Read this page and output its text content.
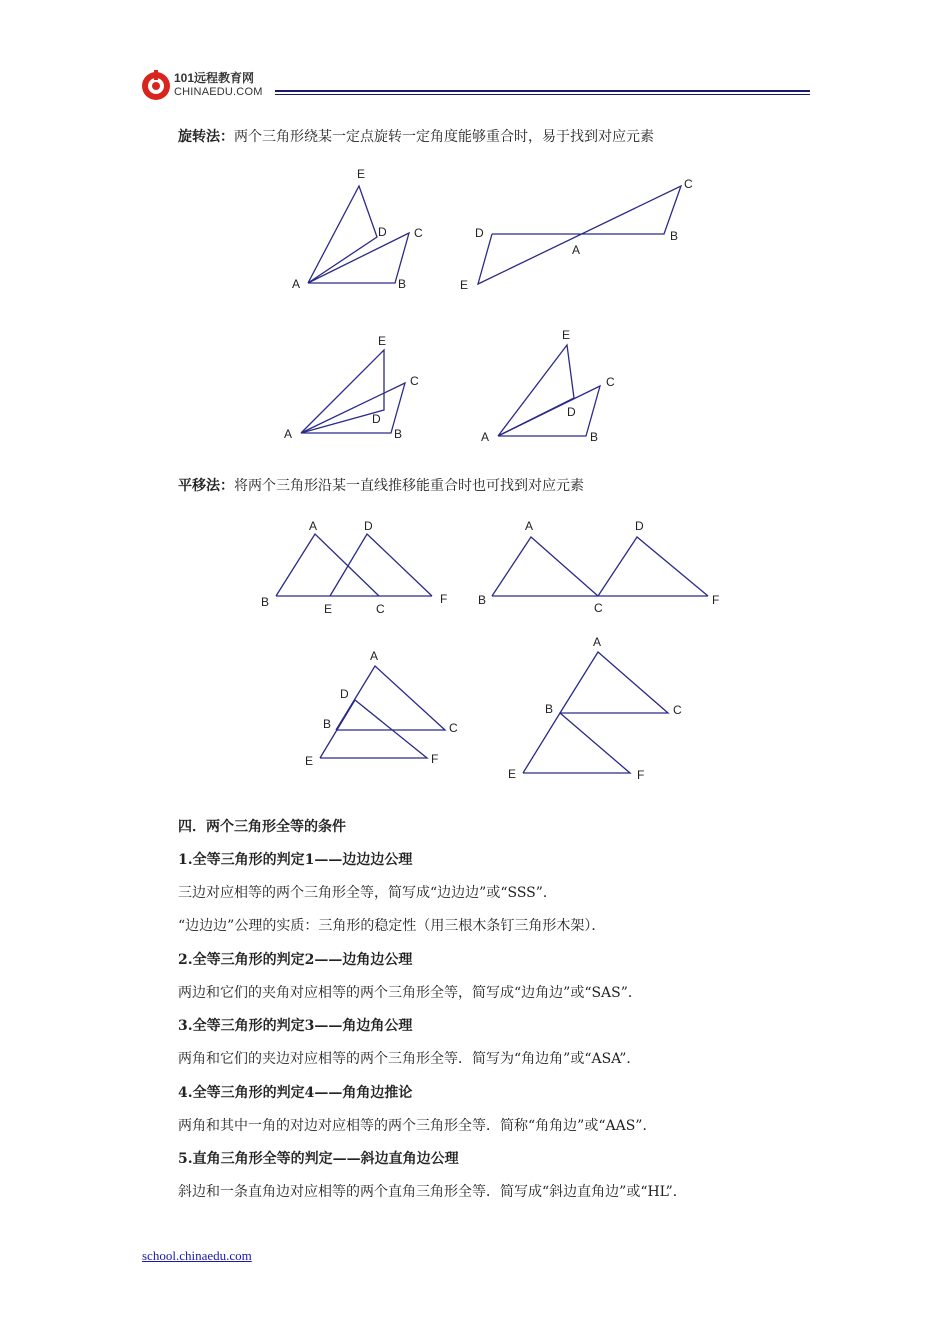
101远程教育网
CHINAEDU.COM
旋转法：两个三角形绕某一定点旋转一定角度能够重合时，易于找到对应元素
E
D C
A	B
C
D	B
A
E
E
C
D
A	B
E
C
D
A	B
A	D
B	E	C
F
A	D
B
C
F
A
D
B	C
E	F
A
B	C
E	F
平移法：将两个三角形沿某一直线推移能重合时也可找到对应元素
四．两个三角形全等的条件
1.全等三角形的判定1——边边边公理
三边对应相等的两个三角形全等，简写成“边边边”或“SSS”．
“边边边”公理的实质：三角形的稳定性（用三根木条钉三角形木架）．
2.全等三角形的判定2——边角边公理
两边和它们的夹角对应相等的两个三角形全等，简写成“边角边”或“SAS”．
3.全等三角形的判定3——角边角公理
两角和它们的夹边对应相等的两个三角形全等．简写为“角边角”或“ASA”．
4.全等三角形的判定4——角角边推论
两角和其中一角的对边对应相等的两个三角形全等．简称“角角边”或“AAS”．
5.直角三角形全等的判定——斜边直角边公理
斜边和一条直角边对应相等的两个直角三角形全等．简写成“斜边直角边”或“HL”．
school.chinaedu.com
